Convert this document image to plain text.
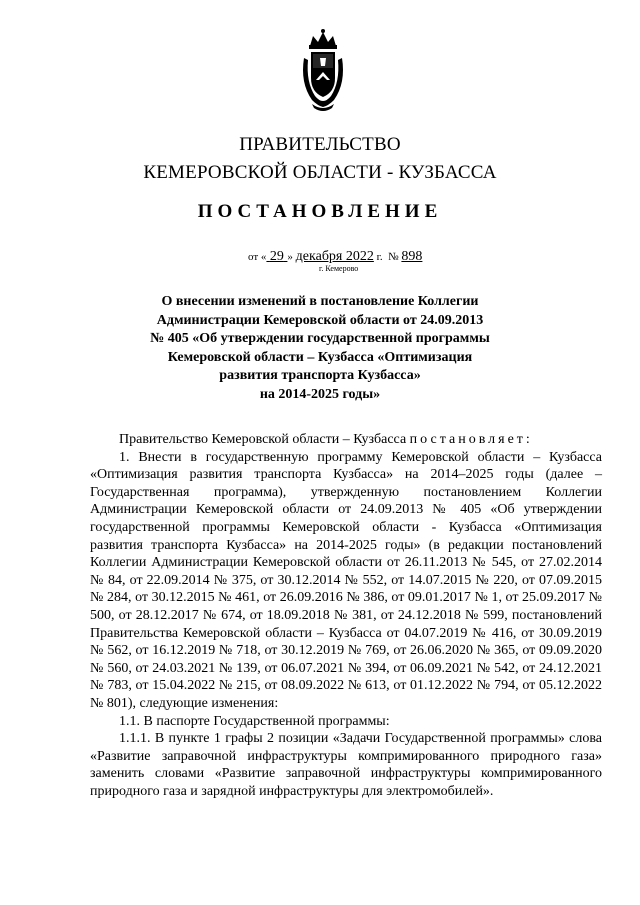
ПРАВИТЕЛЬСТВО
КЕМЕРОВСКОЙ ОБЛАСТИ - КУЗБАССА
ПОСТАНОВЛЕНИЕ
от « 29 » декабря 2022 г. № 898
г. Кемерово
О внесении изменений в постановление Коллегии
Администрации Кемеровской области от 24.09.2013
№ 405 «Об утверждении государственной программы
Кемеровской области – Кузбасса «Оптимизация
развития транспорта Кузбасса»
на 2014-2025 годы»

Правительство Кемеровской области – Кузбасса постановляет:

1. Внести в государственную программу Кемеровской области – Кузбасса «Оптимизация развития транспорта Кузбасса» на 2014–2025 годы (далее – Государственная программа), утвержденную постановлением Коллегии Администрации Кемеровской области от 24.09.2013 № 405 «Об утверждении государственной программы Кемеровской области - Кузбасса «Оптимизация развития транспорта Кузбасса» на 2014-2025 годы» (в редакции постановлений Коллегии Администрации Кемеровской области от 26.11.2013 № 545, от 27.02.2014 № 84, от 22.09.2014 № 375, от 30.12.2014 № 552, от 14.07.2015 № 220, от 07.09.2015 № 284, от 30.12.2015 № 461, от 26.09.2016 № 386, от 09.01.2017 № 1, от 25.09.2017 № 500, от 28.12.2017 № 674, от 18.09.2018 № 381, от 24.12.2018 № 599, постановлений Правительства Кемеровской области – Кузбасса от 04.07.2019 № 416, от 30.09.2019 № 562, от 16.12.2019 № 718, от 30.12.2019 № 769, от 26.06.2020 № 365, от 09.09.2020 № 560, от 24.03.2021 № 139, от 06.07.2021 № 394, от 06.09.2021 № 542, от 24.12.2021 № 783, от 15.04.2022 № 215, от 08.09.2022 № 613, от 01.12.2022 № 794, от 05.12.2022 № 801), следующие изменения:

1.1. В паспорте Государственной программы:

1.1.1. В пункте 1 графы 2 позиции «Задачи Государственной программы» слова «Развитие заправочной инфраструктуры компримированного природного газа» заменить словами «Развитие заправочной инфраструктуры компримированного природного газа и зарядной инфраструктуры для электромобилей».
